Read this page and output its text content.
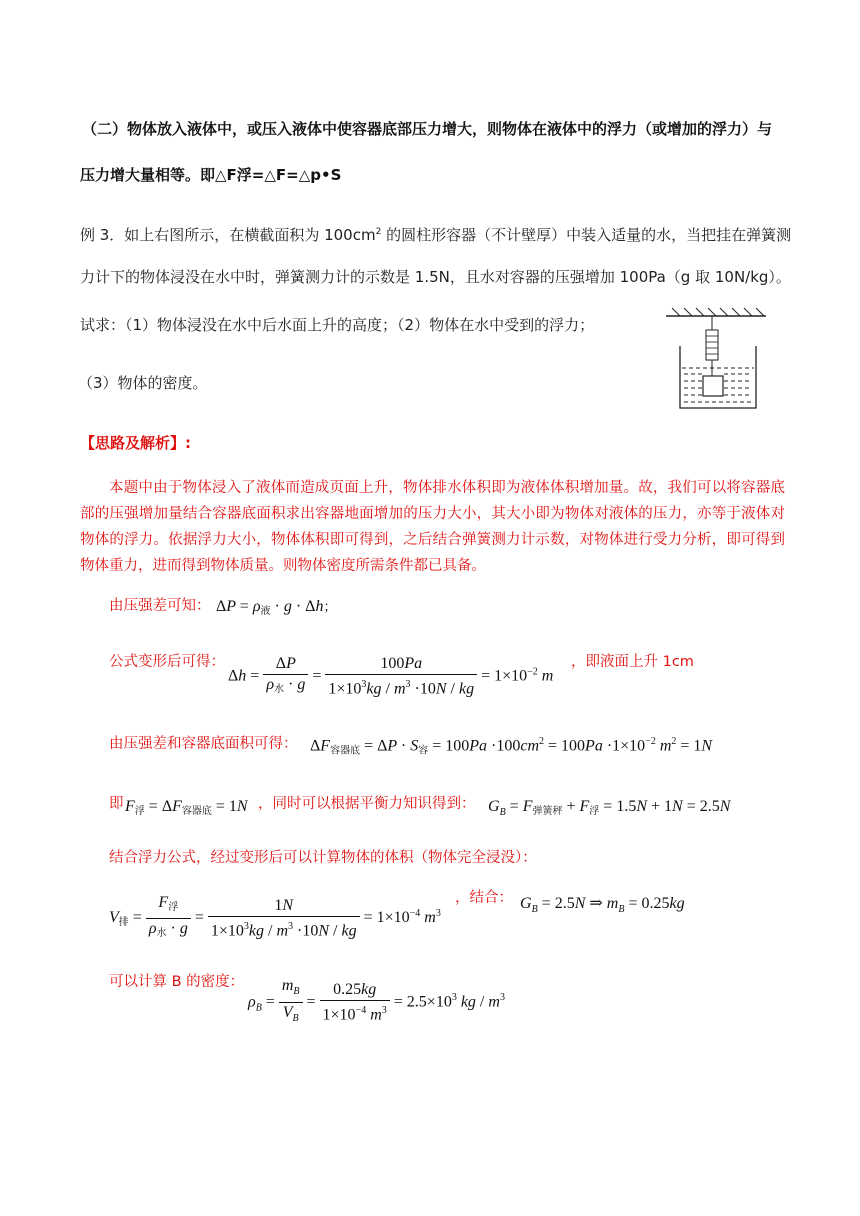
（二）物体放入液体中，或压入液体中使容器底部压力增大，则物体在液体中的浮力（或增加的浮力）与
压力增大量相等。即△F浮=△F=△p•S
例 3．如上右图所示，在横截面积为 $100cm^2$ 的圆柱形容器（不计壁厚）中装入适量的水，当把挂在弹簧测
力计下的物体浸没在水中时，弹簧测力计的示数是 1.5N，且水对容器的压强增加 100Pa（g 取 10N/kg）。
试求：（1）物体浸没在水中后水面上升的高度；（2）物体在水中受到的浮力；
（3）物体的密度。
【思路及解析】:
本题中由于物体浸入了液体而造成页面上升，物体排水体积即为液体体积增加量。故，我们可以将容器底部的压强增加量结合容器底面积求出容器地面增加的压力大小，其大小即为物体对液体的压力，亦等于液体对物体的浮力。依据浮力大小，物体体积即可得到，之后结合弹簧测力计示数，对物体进行受力分析，即可得到物体重力，进而得到物体质量。则物体密度所需条件都已具备。
由压强差可知： ΔP = ρ液 · g · Δh；
公式变形后可得：
$\Delta h = \frac{\Delta P}{\text{ρ水 · g}} = \frac{100Pa}{1\times 10^3kg / m^3 \cdot 10N / kg} = 1\times 10^{-2}$ m
，即液面上升 1cm
由压强差和容器底面积可得： ΔF容器底 = ΔP · S容 = $100Pa \cdot 100cm^2 = 100Pa \cdot 1\times 10^{-2}$ $m^2 = 1N$
即 F浮 = ΔF容器底 = 1N ，同时可以根据平衡力知识得到： $G_B = F$弹簧秤 + F浮 = 1.5N + 1N = 2.5N
结合浮力公式，经过变形后可以计算物体的体积（物体完全浸没）：
V排 = $\frac{\text{F浮}}{\text{ρ水 · g}} = \frac{1N}{1\times 10^3kg / m^3 \cdot 10N / kg} = 1\times 10^{-4}$ $m^3$
，结合： $G_B = 2.5N$ ⇒ $m_B = 0.25kg$
可以计算 B 的密度：
$\rho_B = \frac{m_B}{V_B} = \frac{0.25kg}{1\times 10^{-4} m^3} = 2.5\times 10^3$ kg / $m^3$
